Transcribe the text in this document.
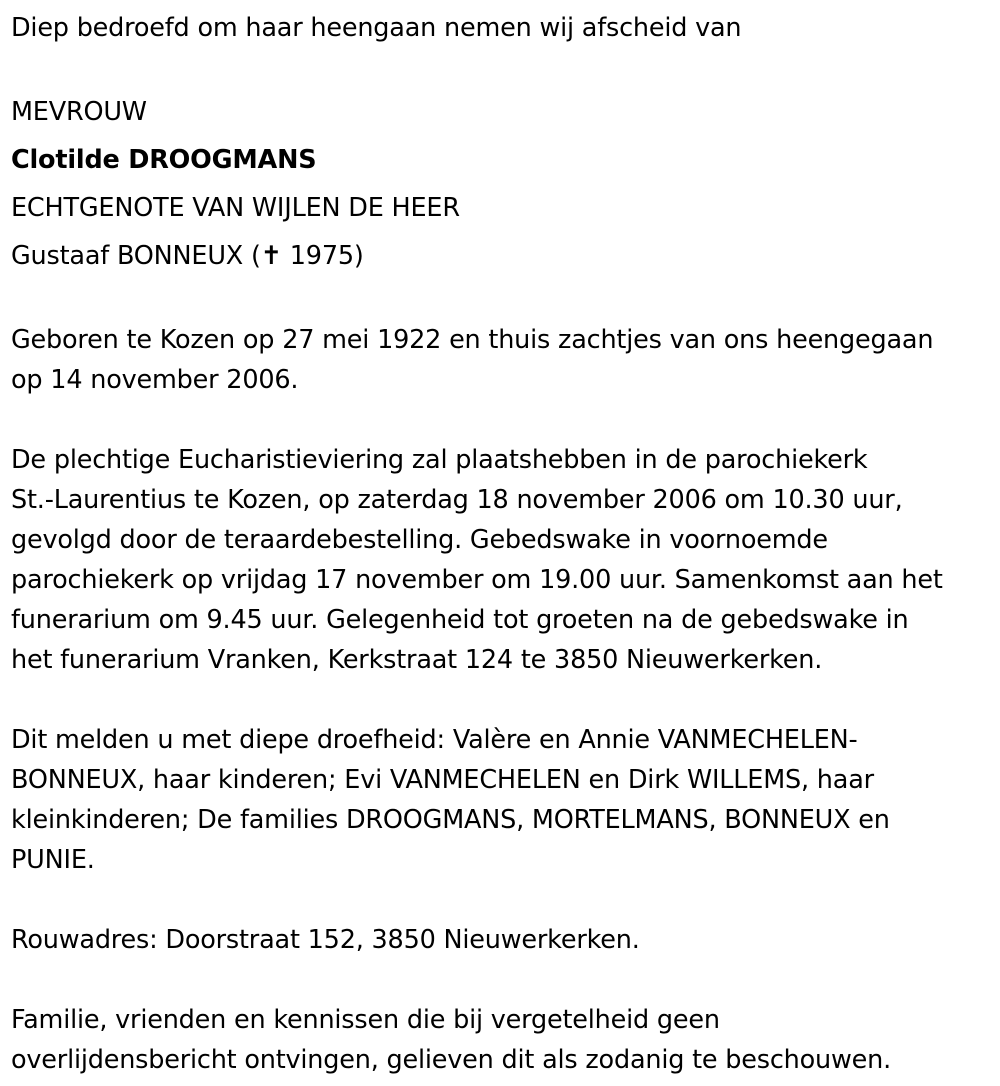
Diep bedroefd om haar heengaan nemen wij afscheid van

MEVROUW

Clotilde DROOGMANS

ECHTGENOTE VAN WIJLEN DE HEER

Gustaaf BONNEUX (✝ 1975)

Geboren te Kozen op 27 mei 1922 en thuis zachtjes van ons heengegaan

op 14 november 2006.

De plechtige Eucharistieviering zal plaatshebben in de parochiekerk

St.-Laurentius te Kozen, op zaterdag 18 november 2006 om 10.30 uur,

gevolgd door de teraardebestelling. Gebedswake in voornoemde

parochiekerk op vrijdag 17 november om 19.00 uur. Samenkomst aan het

funerarium om 9.45 uur. Gelegenheid tot groeten na de gebedswake in

het funerarium Vranken, Kerkstraat 124 te 3850 Nieuwerkerken.

Dit melden u met diepe droefheid: Valère en Annie VANMECHELEN-

BONNEUX, haar kinderen; Evi VANMECHELEN en Dirk WILLEMS, haar

kleinkinderen; De families DROOGMANS, MORTELMANS, BONNEUX en

PUNIE.

Rouwadres: Doorstraat 152, 3850 Nieuwerkerken.

Familie, vrienden en kennissen die bij vergetelheid geen

overlijdensbericht ontvingen, gelieven dit als zodanig te beschouwen.
